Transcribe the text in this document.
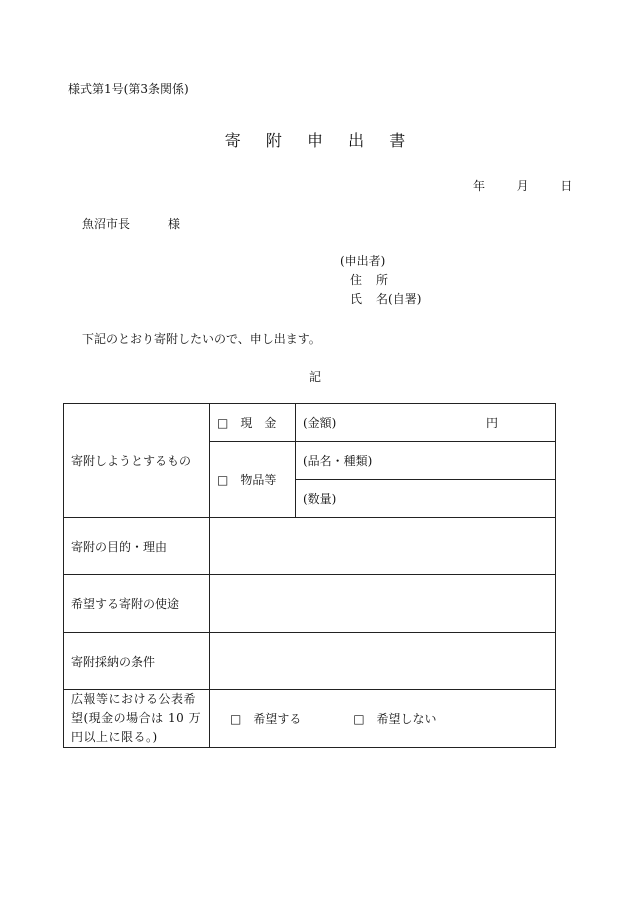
様式第1号(第3条関係)
寄 附 申 出 書
年	月	日
魚沼市長	様
(申出者)
住 所
氏 名(自署)
下記のとおり寄附したいので、申し出ます。
記
寄附しようとするもの	□ 現　金	(金額) 円

	□ 物品等	(品名・種類)
		(数量)
寄附の目的・理由		
希望する寄附の使途		
寄附採納の条件		
広報等における公表希望(現金の場合は 10 万円以上に限る。)	□ 希望する □ 希望しない	
